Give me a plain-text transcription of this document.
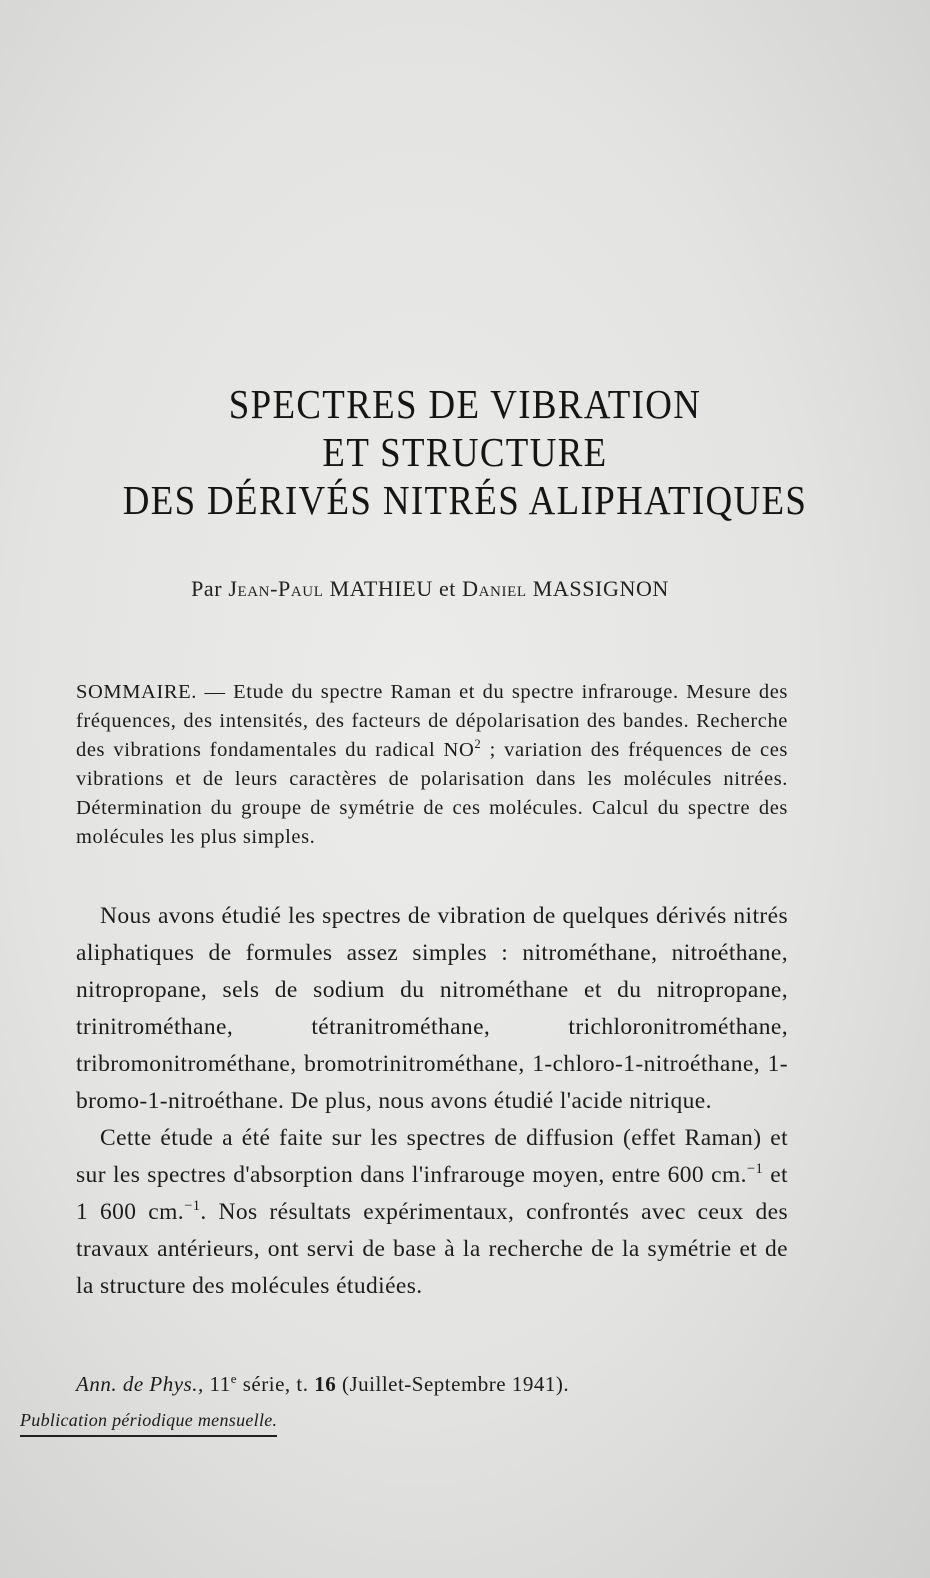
SPECTRES DE VIBRATION
ET STRUCTURE
DES DÉRIVÉS NITRÉS ALIPHATIQUES
Par Jean-Paul MATHIEU et Daniel MASSIGNON
SOMMAIRE. — Etude du spectre Raman et du spectre infrarouge. Mesure des fréquences, des intensités, des facteurs de dépolarisation des bandes. Recherche des vibrations fondamentales du radical $NO^2$ ; variation des fréquences de ces vibrations et de leurs caractères de polarisation dans les molécules nitrées. Détermination du groupe de symétrie de ces molécules. Calcul du spectre des molécules les plus simples.

Nous avons étudié les spectres de vibration de quelques dérivés nitrés aliphatiques de formules assez simples : nitrométhane, nitroéthane, nitropropane, sels de sodium du nitrométhane et du nitropropane, trinitrométhane, tétranitrométhane, trichloronitrométhane, tribromonitrométhane, bromotrinitrométhane, 1-chloro-1-nitroéthane, 1-bromo-1-nitroéthane. De plus, nous avons étudié l'acide nitrique.

Cette étude a été faite sur les spectres de diffusion (effet Raman) et sur les spectres d'absorption dans l'infrarouge moyen, entre 600 cm.$^{-1}$ et 1 600 cm.$^{-1}$. Nos résultats expérimentaux, confrontés avec ceux des travaux antérieurs, ont servi de base à la recherche de la symétrie et de la structure des molécules étudiées.

Ann. de Phys., 11e série, t. 16 (Juillet-Septembre 1941).
Publication périodique mensuelle.
